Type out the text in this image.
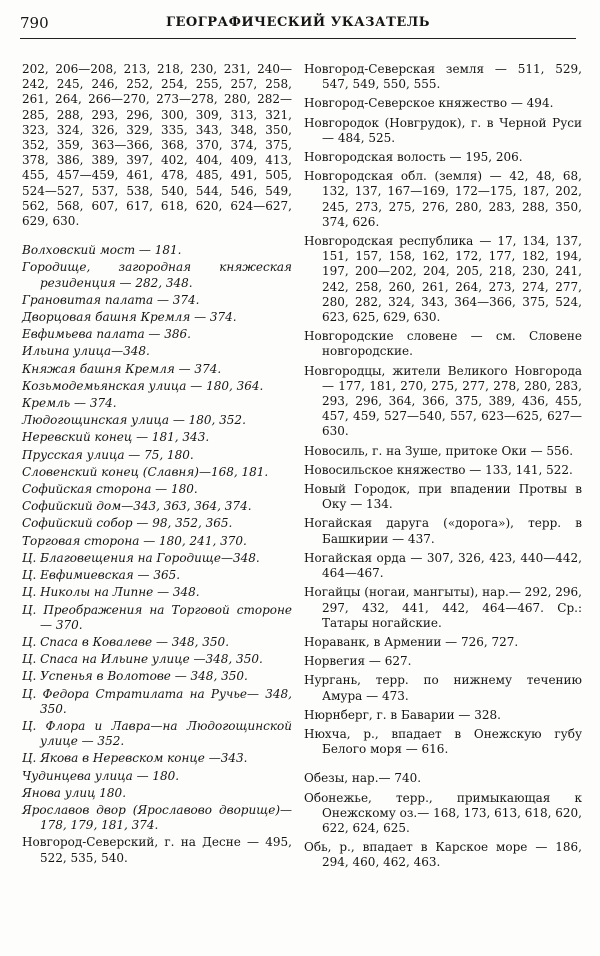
790	ГЕОГРАФИЧЕСКИЙ УКАЗАТЕЛЬ
202, 206—208, 213, 218, 230, 231, 240—242, 245, 246, 252, 254, 255, 257, 258, 261, 264, 266—270, 273—278, 280, 282—285, 288, 293, 296, 300, 309, 313, 321, 323, 324, 326, 329, 335, 343, 348, 350, 352, 359, 363—366, 368, 370, 374, 375, 378, 386, 389, 397, 402, 404, 409, 413, 455, 457—459, 461, 478, 485, 491, 505, 524—527, 537, 538, 540, 544, 546, 549, 562, 568, 607, 617, 618, 620, 624—627, 629, 630.
Волховский мост — 181.
Городище, загородная княжеская резиденция — 282, 348.
Грановитая палата — 374.
Дворцовая башня Кремля — 374.
Евфимьева палата — 386.
Ильина улица—348.
Княжая башня Кремля — 374.
Козьмодемьянская улица — 180, 364.
Кремль — 374.
Людогощинская улица — 180, 352.
Неревский конец — 181, 343.
Прусская улица — 75, 180.
Словенский конец (Славня)—168, 181.
Софийская сторона — 180.
Софийский дом—343, 363, 364, 374.
Софийский собор — 98, 352, 365.
Торговая сторона — 180, 241, 370.
Ц. Благовещения на Городище—348.
Ц. Евфимиевская — 365.
Ц. Николы на Липне — 348.
Ц. Преображения на Торговой стороне — 370.
Ц. Спаса в Ковалеве — 348, 350.
Ц. Спаса на Ильине улице —348, 350.
Ц. Успенья в Волотове — 348, 350.
Ц. Федора Стратилата на Ручье— 348, 350.
Ц. Флора и Лавра—на Людогощинской улице — 352.
Ц. Якова в Неревском конце —343.
Чудинцева улица — 180.
Янова улиц 180.
Ярославов двор (Ярославово дворище)— 178, 179, 181, 374.
Новгород-Северский, г. на Десне — 495, 522, 535, 540.
Новгород-Северская земля — 511, 529, 547, 549, 550, 555.
Новгород-Северское княжество — 494.
Новгородок (Новгрудок), г. в Черной Руси — 484, 525.
Новгородская волость — 195, 206.
Новгородская обл. (земля) — 42, 48, 68, 132, 137, 167—169, 172—175, 187, 202, 245, 273, 275, 276, 280, 283, 288, 350, 374, 626.
Новгородская республика — 17, 134, 137, 151, 157, 158, 162, 172, 177, 182, 194, 197, 200—202, 204, 205, 218, 230, 241, 242, 258, 260, 261, 264, 273, 274, 277, 280, 282, 324, 343, 364—366, 375, 524, 623, 625, 629, 630.
Новгородские словене — см. Словене новгородские.
Новгородцы, жители Великого Новгорода — 177, 181, 270, 275, 277, 278, 280, 283, 293, 296, 364, 366, 375, 389, 436, 455, 457, 459, 527—540, 557, 623—625, 627—630.
Новосиль, г. на Зуше, притоке Оки — 556.
Новосильское княжество — 133, 141, 522.
Новый Городок, при впадении Протвы в Оку — 134.
Ногайская даруга («дорога»), терр. в Башкирии — 437.
Ногайская орда — 307, 326, 423, 440—442, 464—467.
Ногайцы (ногаи, мангыты), нар.— 292, 296, 297, 432, 441, 442, 464—467. Ср.: Татары ногайские.
Нораванк, в Армении — 726, 727.
Норвегия — 627.
Нургань, терр. по нижнему течению Амура — 473.
Нюрнберг, г. в Баварии — 328.
Нюхча, р., впадает в Онежскую губу Белого моря — 616.
Обезы, нар.— 740.
Обонежье, терр., примыкающая к Онежскому оз.— 168, 173, 613, 618, 620, 622, 624, 625.
Обь, р., впадает в Карское море — 186, 294, 460, 462, 463.
